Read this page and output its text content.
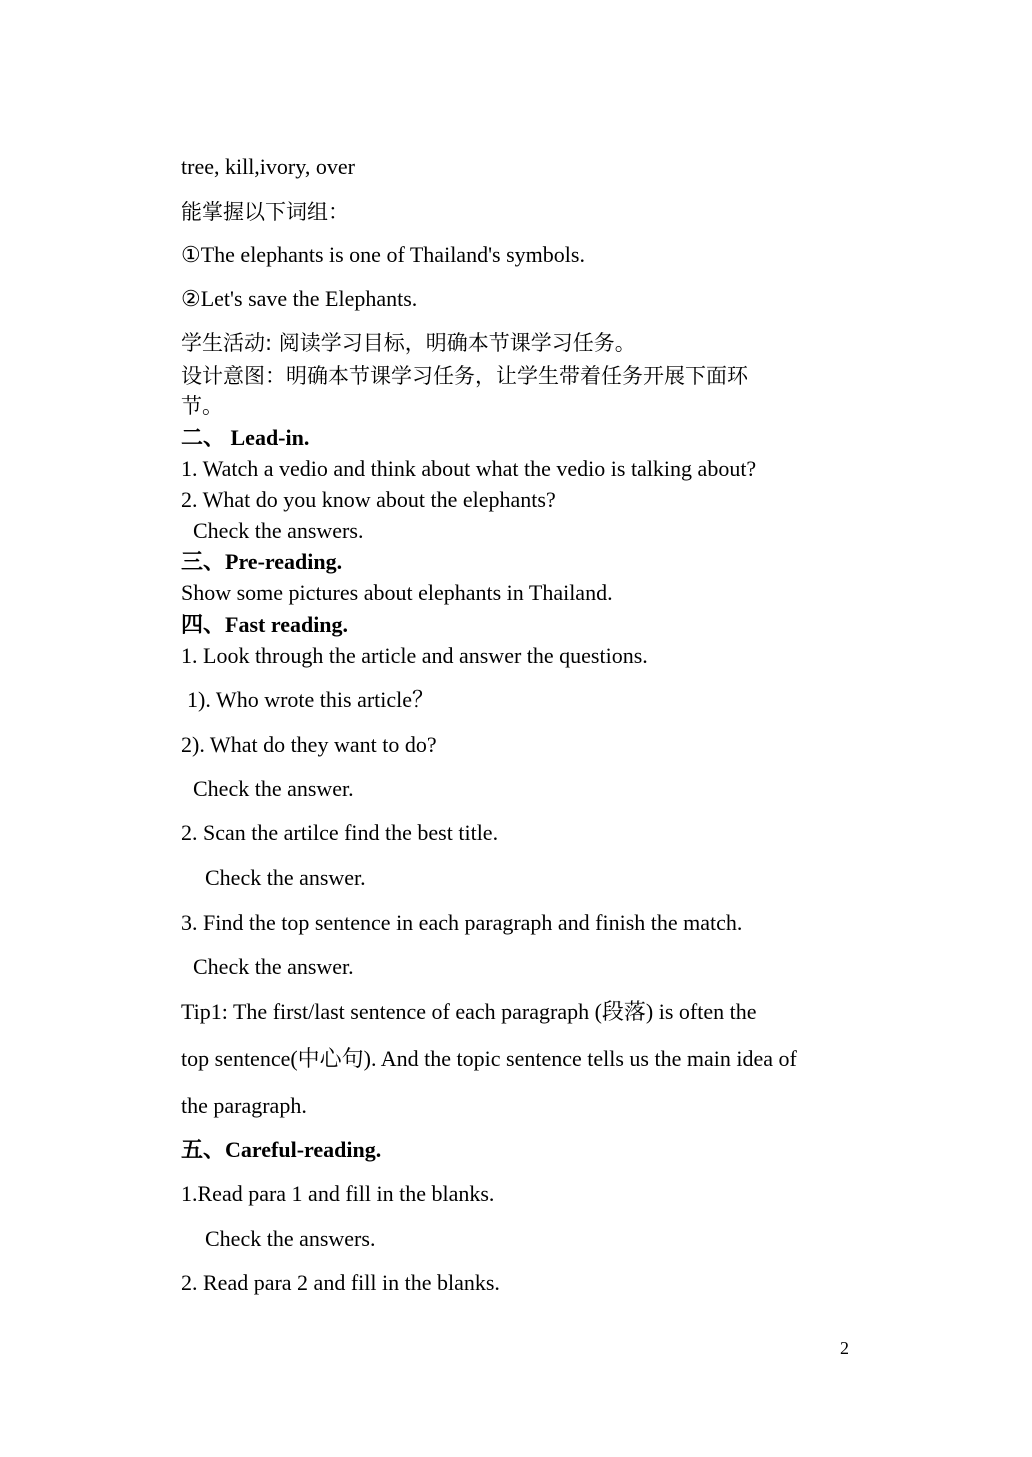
tree, kill,ivory, over
能掌握以下词组：
①The elephants is one of Thailand's symbols.
②Let's save the Elephants.
学生活动: 阅读学习目标，明确本节课学习任务。
设计意图：明确本节课学习任务，让学生带着任务开展下面环
节。
二、 Lead-in.
1. Watch a vedio and think about what the vedio is talking about?
2. What do you know about the elephants?
Check the answers.
三、Pre-reading.
Show some pictures about elephants in Thailand.
四、Fast reading.
1. Look through the article and answer the questions.
1). Who wrote this article？
2). What do they want to do?
Check the answer.
2. Scan the artilce find the best title.
Check the answer.
3. Find the top sentence in each paragraph and finish the match.
Check the answer.
Tip1: The first/last sentence of each paragraph (段落) is often the
top sentence(中心句). And the topic sentence tells us the main idea of
the paragraph.
五、Careful-reading.
1.Read para 1 and fill in the blanks.
Check the answers.
2. Read para 2 and fill in the blanks.
2
